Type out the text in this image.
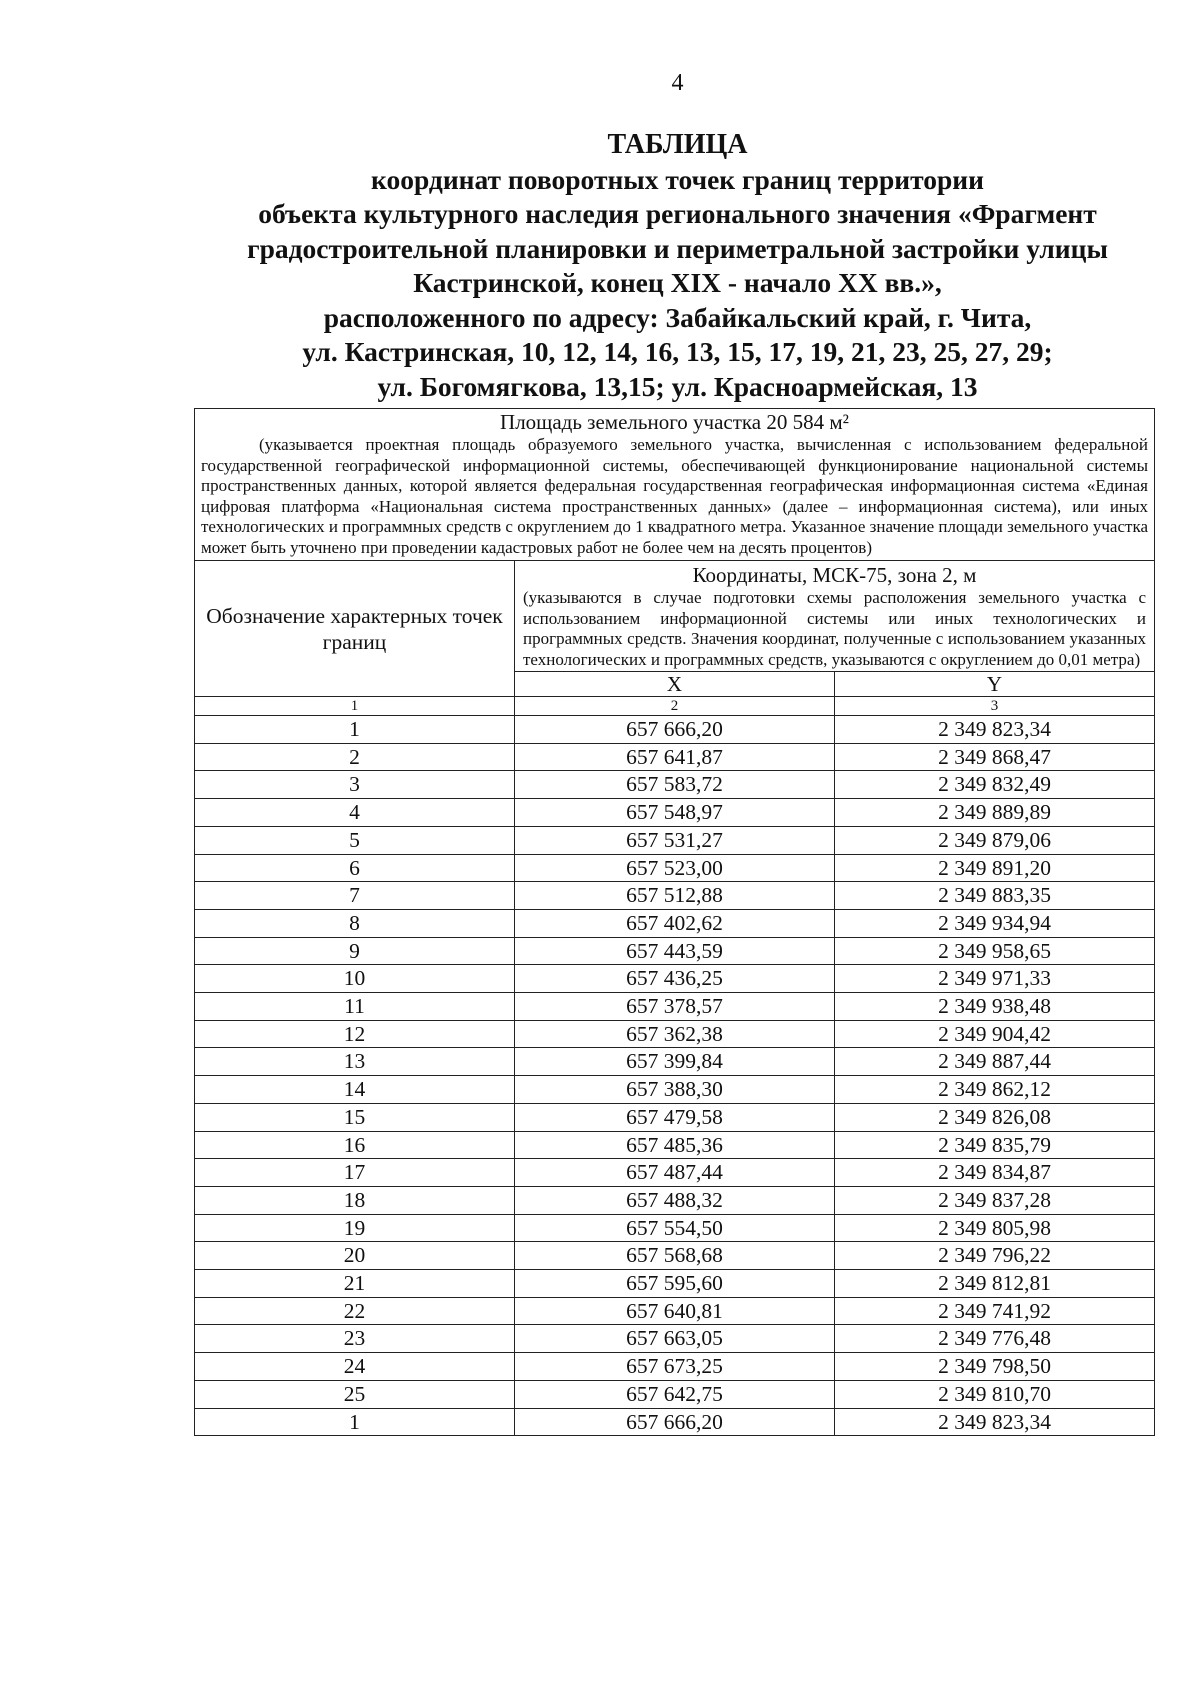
4
ТАБЛИЦА
координат поворотных точек границ территории
объекта культурного наследия регионального значения «Фрагмент
градостроительной планировки и периметральной застройки улицы
Кастринской, конец XIX - начало XX вв.»,
расположенного по адресу: Забайкальский край, г. Чита,
ул. Кастринская, 10, 12, 14, 16, 13, 15, 17, 19, 21, 23, 25, 27, 29;
ул. Богомягкова, 13,15; ул. Красноармейская, 13
Площадь земельного участка 20 584 м²
(указывается проектная площадь образуемого земельного участка, вычисленная с использованием федеральной государственной географической информационной системы, обеспечивающей функционирование национальной системы пространственных данных, которой является федеральная государственная географическая информационная система «Единая цифровая платформа «Национальная система пространственных данных» (далее – информационная система), или иных технологических и программных средств с округлением до 1 квадратного метра. Указанное значение площади земельного участка может быть уточнено при проведении кадастровых работ не более чем на десять процентов)		

Обозначение характерных точек границ	Координаты, МСК-75, зона 2, м
(указываются в случае подготовки схемы расположения земельного участка с использованием информационной системы или иных технологических и программных средств. Значения координат, полученные с использованием указанных технологических и программных средств, указываются с округлением до 0,01 метра)	

	X	Y
1	2	3
1	657 666,20	2 349 823,34
2	657 641,87	2 349 868,47
3	657 583,72	2 349 832,49
4	657 548,97	2 349 889,89
5	657 531,27	2 349 879,06
6	657 523,00	2 349 891,20
7	657 512,88	2 349 883,35
8	657 402,62	2 349 934,94
9	657 443,59	2 349 958,65
10	657 436,25	2 349 971,33
11	657 378,57	2 349 938,48
12	657 362,38	2 349 904,42
13	657 399,84	2 349 887,44
14	657 388,30	2 349 862,12
15	657 479,58	2 349 826,08
16	657 485,36	2 349 835,79
17	657 487,44	2 349 834,87
18	657 488,32	2 349 837,28
19	657 554,50	2 349 805,98
20	657 568,68	2 349 796,22
21	657 595,60	2 349 812,81
22	657 640,81	2 349 741,92
23	657 663,05	2 349 776,48
24	657 673,25	2 349 798,50
25	657 642,75	2 349 810,70
1	657 666,20	2 349 823,34
